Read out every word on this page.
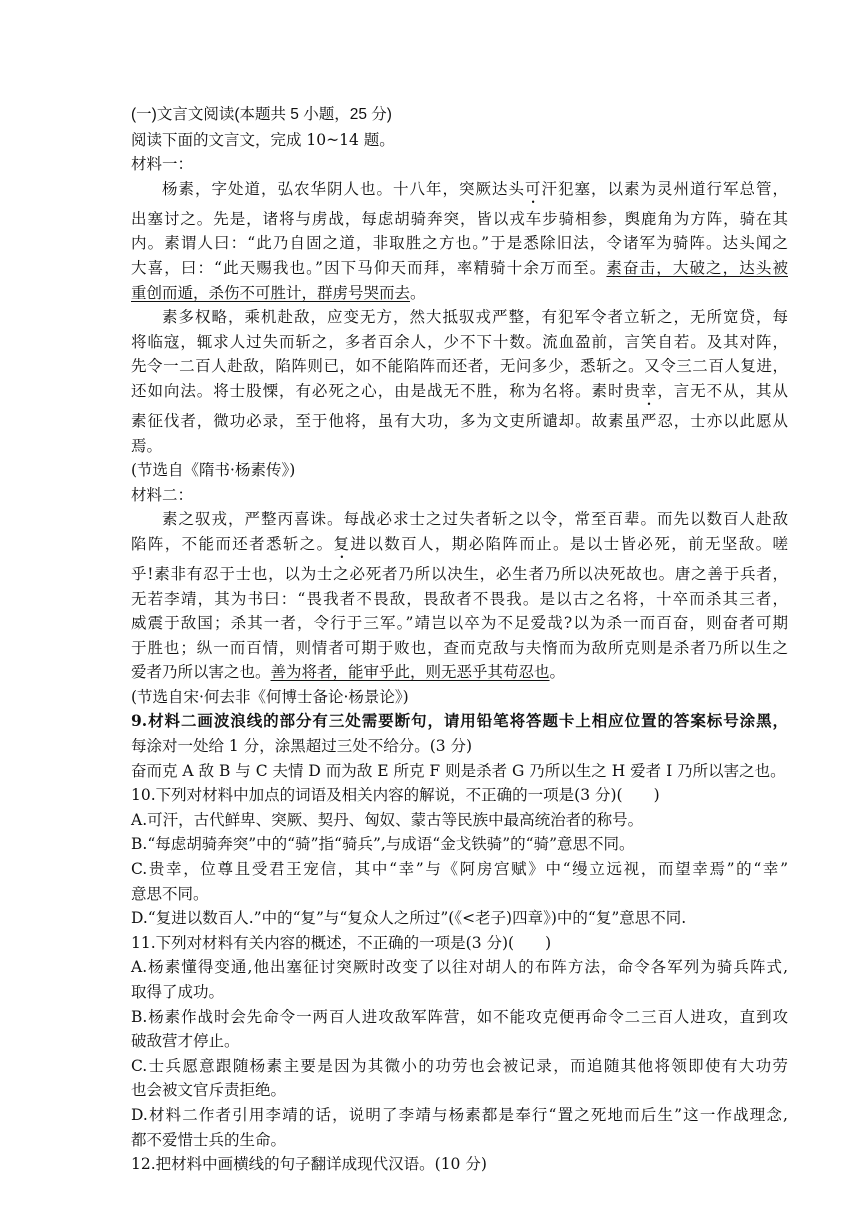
(一)文言文阅读(本题共 5 小题，25 分)
阅读下面的文言文，完成 10~14 题。
材料一：
杨素，字处道，弘农华阴人也。十八年，突厥达头可汗犯塞，以素为灵州道行军总管，
出塞讨之。先是，诸将与虏战，每虑胡骑奔突，皆以戎车步骑相参，舆鹿角为方阵，骑在其
内。素谓人曰：“此乃自固之道，非取胜之方也。”于是悉除旧法，令诸军为骑阵。达头闻之
大喜，曰：“此天赐我也。”因下马仰天而拜，率精骑十余万而至。素奋击，大破之，达头被
重创而遁，杀伤不可胜计，群虏号哭而去。
素多权略，乘机赴敌，应变无方，然大抵驭戎严整，有犯军令者立斩之，无所宽贷，每
将临寇，辄求人过失而斩之，多者百余人，少不下十数。流血盈前，言笑自若。及其对阵，
先令一二百人赴敌，陷阵则已，如不能陷阵而还者，无问多少，悉斩之。又令三二百人复进，
还如向法。将士股慄，有必死之心，由是战无不胜，称为名将。素时贵幸，言无不从，其从
素征伐者，微功必录，至于他将，虽有大功，多为文吏所谴却。故素虽严忍，士亦以此愿从
焉。
(节选自《隋书·杨素传》)
材料二：
素之驭戎，严整丙喜诛。每战必求士之过失者斩之以令，常至百辈。而先以数百人赴敌
陷阵，不能而还者悉斩之。复进以数百人，期必陷阵而止。是以士皆必死，前无坚敌。嗟
乎!素非有忍于士也，以为士之必死者乃所以决生，必生者乃所以决死故也。唐之善于兵者，
无若李靖，其为书曰：“畏我者不畏敌，畏敌者不畏我。是以古之名将，十卒而杀其三者，
威震于敌国；杀其一者，令行于三军。”靖岂以卒为不足爱哉?以为杀一而百奋，则奋者可期
于胜也；纵一而百情，则情者可期于败也，查而克敌与夫惰而为敌所克则是杀者乃所以生之
爱者乃所以害之也。善为将者，能审乎此，则无恶乎其苟忍也。
(节选自宋·何去非《何博士备论·杨景论》)
9.材料二画波浪线的部分有三处需要断句，请用铅笔将答题卡上相应位置的答案标号涂黑，
每涂对一处给 1 分，涂黑超过三处不给分。(3 分)
奋而克 A 敌 B 与 C 夫情 D 而为敌 E 所克 F 则是杀者 G 乃所以生之 H 爱者 I 乃所以害之也。
10.下列对材料中加点的词语及相关内容的解说，不正确的一项是(3 分)(　　)
A.可汗，古代鲜卑、突厥、契丹、匈奴、蒙古等民族中最高统治者的称号。
B.“每虑胡骑奔突”中的“骑”指“骑兵”,与成语“金戈铁骑”的“骑”意思不同。
C.贵幸，位尊且受君王宠信，其中“幸”与《阿房宫赋》中“缦立远视，而望幸焉”的“幸”
意思不同。
D.“复进以数百人.”中的“复”与“复众人之所过”(《<老子)四章》)中的“复”意思不同.
11.下列对材料有关内容的概述，不正确的一项是(3 分)(　　)
A.杨素懂得变通,他出塞征讨突厥时改变了以往对胡人的布阵方法，命令各军列为骑兵阵式,
取得了成功。
B.杨素作战时会先命令一两百人进攻敌军阵营，如不能攻克便再命令二三百人进攻，直到攻
破敌营才停止。
C.士兵愿意跟随杨素主要是因为其微小的功劳也会被记录，而追随其他将领即使有大功劳
也会被文官斥责拒绝。
D.材料二作者引用李靖的话，说明了李靖与杨素都是奉行“置之死地而后生”这一作战理念,
都不爱惜士兵的生命。
12.把材料中画横线的句子翻详成现代汉语。(10 分)
